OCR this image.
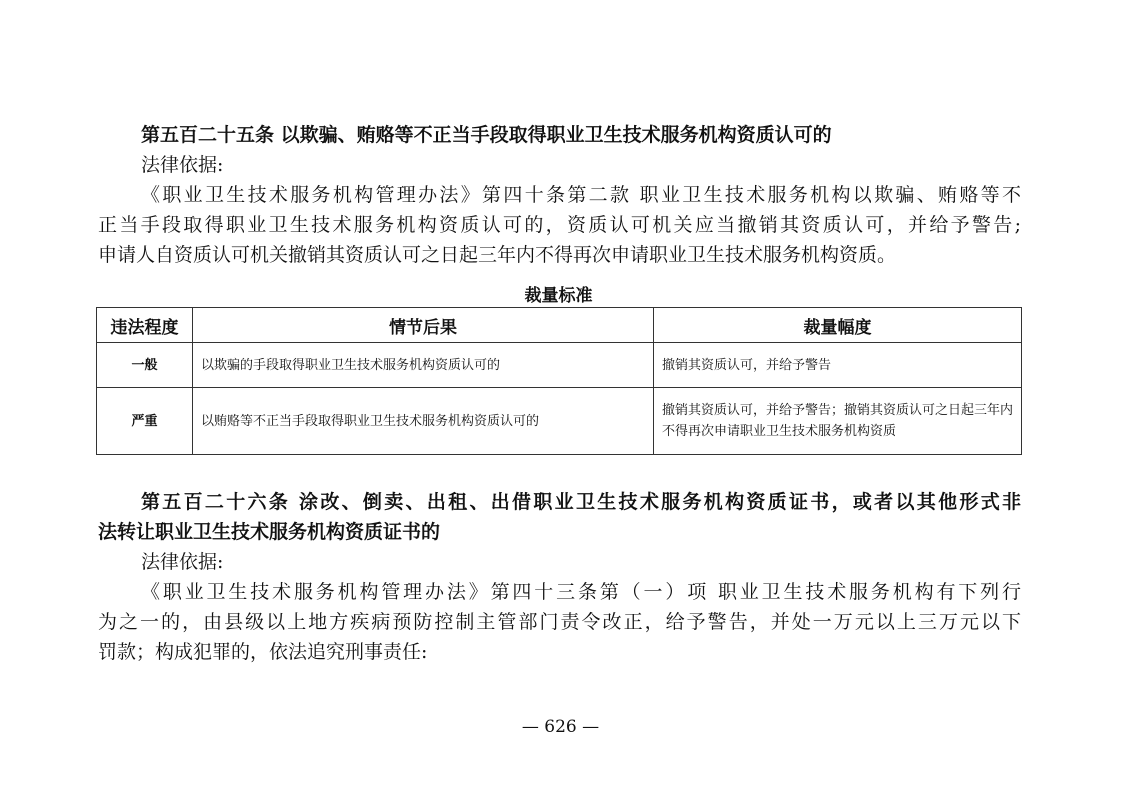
第五百二十五条 以欺骗、贿赂等不正当手段取得职业卫生技术服务机构资质认可的
法律依据:
《职业卫生技术服务机构管理办法》第四十条第二款 职业卫生技术服务机构以欺骗、贿赂等不
正当手段取得职业卫生技术服务机构资质认可的，资质认可机关应当撤销其资质认可，并给予警告;
申请人自资质认可机关撤销其资质认可之日起三年内不得再次申请职业卫生技术服务机构资质。
裁量标准
违法程度	情节后果	裁量幅度
一般	以欺骗的手段取得职业卫生技术服务机构资质认可的	撤销其资质认可，并给予警告
严重	以贿赂等不正当手段取得职业卫生技术服务机构资质认可的	撤销其资质认可，并给予警告；撤销其资质认可之日起三年内不得再次申请职业卫生技术服务机构资质
第五百二十六条 涂改、倒卖、出租、出借职业卫生技术服务机构资质证书，或者以其他形式非
法转让职业卫生技术服务机构资质证书的
法律依据:
《职业卫生技术服务机构管理办法》第四十三条第（一）项 职业卫生技术服务机构有下列行
为之一的，由县级以上地方疾病预防控制主管部门责令改正，给予警告，并处一万元以上三万元以下
罚款；构成犯罪的，依法追究刑事责任:
— 626 —
